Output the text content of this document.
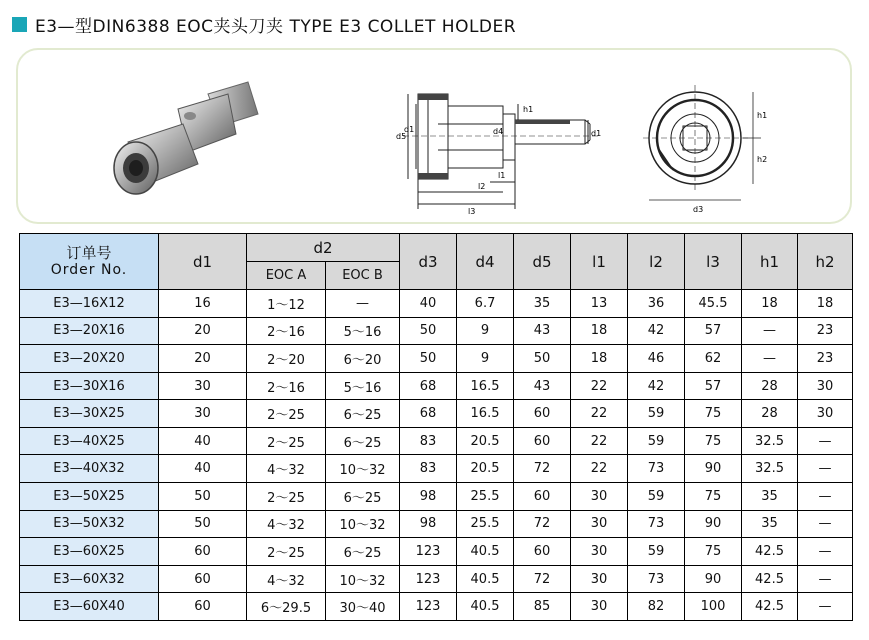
E3—型DIN6388 EOC夹头刀夹 TYPE E3 COLLET HOLDER
d5
d1	d4	d1
h1
l1
l2
l3
h1
h2
d3
订单号
Order No.	d1	d2		d3	d4	d5	l1	l2	l3	h1	h2
		EOC A	EOC B								
E3—16X12	16	1～12	—	40	6.7	35	13	36	45.5	18	18
E3—20X16	20	2～16	5～16	50	9	43	18	42	57	—	23
E3—20X20	20	2～20	6～20	50	9	50	18	46	62	—	23
E3—30X16	30	2～16	5～16	68	16.5	43	22	42	57	28	30
E3—30X25	30	2～25	6～25	68	16.5	60	22	59	75	28	30
E3—40X25	40	2～25	6～25	83	20.5	60	22	59	75	32.5	—
E3—40X32	40	4～32	10～32	83	20.5	72	22	73	90	32.5	—
E3—50X25	50	2～25	6～25	98	25.5	60	30	59	75	35	—
E3—50X32	50	4～32	10～32	98	25.5	72	30	73	90	35	—
E3—60X25	60	2～25	6～25	123	40.5	60	30	59	75	42.5	—
E3—60X32	60	4～32	10～32	123	40.5	72	30	73	90	42.5	—
E3—60X40	60	6～29.5	30～40	123	40.5	85	30	82	100	42.5	—
